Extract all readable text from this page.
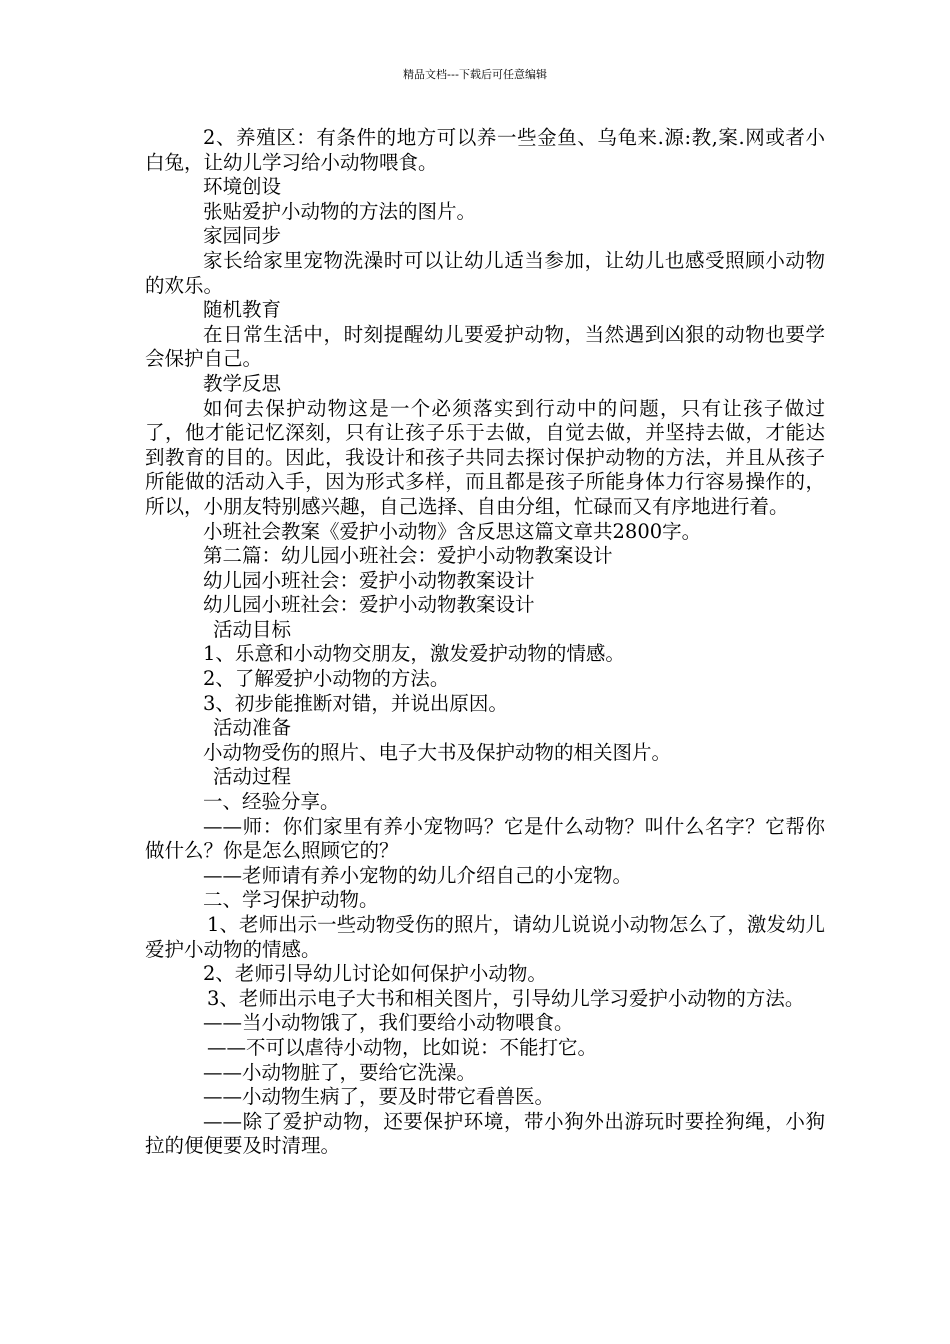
精品文档---下载后可任意编辑

2、养殖区：有条件的地方可以养一些金鱼、乌龟来.源:教,案.网或者小白兔，让幼儿学习给小动物喂食。

环境创设

张贴爱护小动物的方法的图片。

家园同步

家长给家里宠物洗澡时可以让幼儿适当参加，让幼儿也感受照顾小动物的欢乐。

随机教育

在日常生活中，时刻提醒幼儿要爱护动物，当然遇到凶狠的动物也要学会保护自己。

教学反思

如何去保护动物这是一个必须落实到行动中的问题，只有让孩子做过了，他才能记忆深刻，只有让孩子乐于去做，自觉去做，并坚持去做，才能达到教育的目的。因此，我设计和孩子共同去探讨保护动物的方法，并且从孩子所能做的活动入手，因为形式多样，而且都是孩子所能身体力行容易操作的，所以，小朋友特别感兴趣，自己选择、自由分组，忙碌而又有序地进行着。

小班社会教案《爱护小动物》含反思这篇文章共2800字。

第二篇：幼儿园小班社会：爱护小动物教案设计

幼儿园小班社会：爱护小动物教案设计

幼儿园小班社会：爱护小动物教案设计

活动目标

1、乐意和小动物交朋友，激发爱护动物的情感。

2、了解爱护小动物的方法。

3、初步能推断对错，并说出原因。

活动准备

小动物受伤的照片、电子大书及保护动物的相关图片。

活动过程

一、经验分享。

——师：你们家里有养小宠物吗？它是什么动物？叫什么名字？它帮你做什么？你是怎么照顾它的？

——老师请有养小宠物的幼儿介绍自己的小宠物。

二、学习保护动物。

1、老师出示一些动物受伤的照片，请幼儿说说小动物怎么了，激发幼儿爱护小动物的情感。

2、老师引导幼儿讨论如何保护小动物。

3、老师出示电子大书和相关图片，引导幼儿学习爱护小动物的方法。

——当小动物饿了，我们要给小动物喂食。

——不可以虐待小动物，比如说：不能打它。

——小动物脏了，要给它洗澡。

——小动物生病了，要及时带它看兽医。

——除了爱护动物，还要保护环境，带小狗外出游玩时要拴狗绳，小狗拉的便便要及时清理。
